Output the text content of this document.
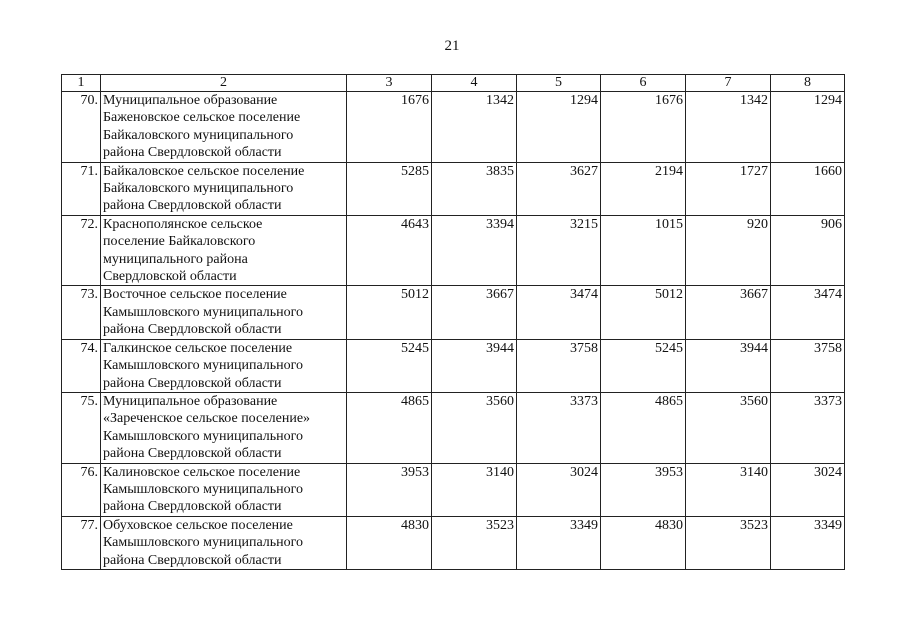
21
1	2	3	4	5	6	7	8
70.	Муниципальное образование
Баженовское сельское поселение
Байкаловского муниципального
района Свердловской области	1676	1342	1294	1676	1342	1294
71.	Байкаловское сельское поселение
Байкаловского муниципального
района Свердловской области	5285	3835	3627	2194	1727	1660
72.	Краснополянское сельское
поселение Байкаловского
муниципального района
Свердловской области	4643	3394	3215	1015	920	906
73.	Восточное сельское поселение
Камышловского муниципального
района Свердловской области	5012	3667	3474	5012	3667	3474
74.	Галкинское сельское поселение
Камышловского муниципального
района Свердловской области	5245	3944	3758	5245	3944	3758
75.	Муниципальное образование
«Зареченское сельское поселение»
Камышловского муниципального
района Свердловской области	4865	3560	3373	4865	3560	3373
76.	Калиновское сельское поселение
Камышловского муниципального
района Свердловской области	3953	3140	3024	3953	3140	3024
77.	Обуховское сельское поселение
Камышловского муниципального
района Свердловской области	4830	3523	3349	4830	3523	3349
